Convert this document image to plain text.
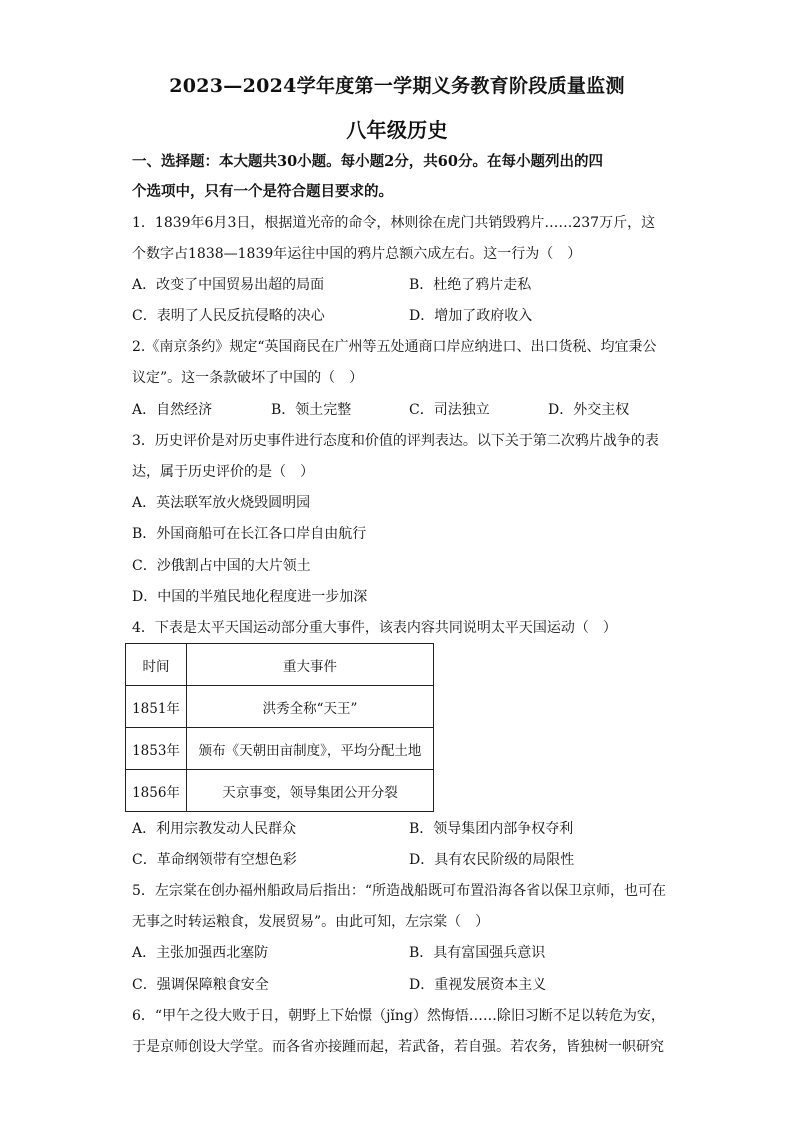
2023—2024学年度第一学期义务教育阶段质量监测
八年级历史
一、选择题：本大题共30小题。每小题2分，共60分。在每小题列出的四
个选项中，只有一个是符合题目要求的。
1．1839年6月3日，根据道光帝的命令，林则徐在虎门共销毁鸦片……237万斤，这
个数字占1838—1839年运往中国的鸦片总额六成左右。这一行为（　）
A．改变了中国贸易出超的局面	B．杜绝了鸦片走私
C．表明了人民反抗侵略的决心	D．增加了政府收入
2.《南京条约》规定“英国商民在广州等五处通商口岸应纳进口、出口货税、均宜秉公
议定”。这一条款破坏了中国的（　）
A．自然经济	B．领土完整	C．司法独立	D．外交主权
3．历史评价是对历史事件进行态度和价值的评判表达。以下关于第二次鸦片战争的表
达，属于历史评价的是（　）
A．英法联军放火烧毁圆明园
B．外国商船可在长江各口岸自由航行
C．沙俄割占中国的大片领土
D．中国的半殖民地化程度进一步加深
4．下表是太平天国运动部分重大事件，该表内容共同说明太平天国运动（　）
时间	重大事件
1851年	洪秀全称“天王”
1853年	颁布《天朝田亩制度》，平均分配土地
1856年	天京事变，领导集团公开分裂
A．利用宗教发动人民群众	B．领导集团内部争权夺利
C．革命纲领带有空想色彩	D．具有农民阶级的局限性
5．左宗棠在创办福州船政局后指出：“所造战船既可布置沿海各省以保卫京师，也可在
无事之时转运粮食，发展贸易”。由此可知，左宗棠（　）
A．主张加强西北塞防	B．具有富国强兵意识
C．强调保障粮食安全	D．重视发展资本主义
6．“甲午之役大败于日，朝野上下始憬（jǐng）然悔悟……除旧习断不足以转危为安，
于是京师创设大学堂。而各省亦接踵而起，若武备，若自强。若农务，皆独树一帜研究
